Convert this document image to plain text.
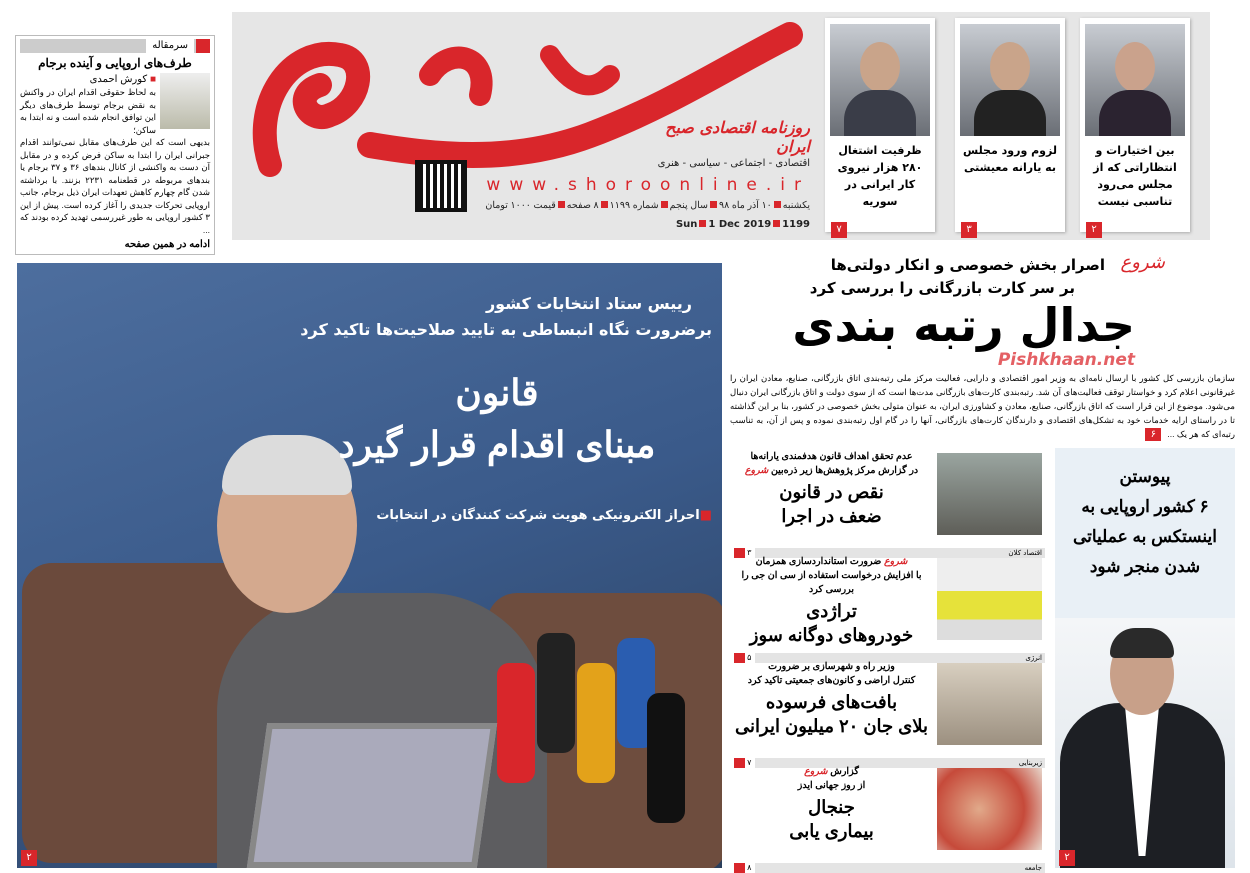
روزنامه اقتصادی صبح ایران
اقتصادی - اجتماعی - سیاسی - هنری
www.shoroonline.ir
یکشنبه۱۰ آذر ماه ۹۸سال پنجمشماره ۱۱۹۹۸ صفحهقیمت ۱۰۰۰ تومان
Sun 1 Dec 2019 1199
بین اختیارات و انتظاراتی که از مجلس می‌رود تناسبی نیست
۲
لزوم ورود مجلس به یارانه معیشتی
۳
ظرفیت اشتغال ۲۸۰ هزار نیروی کار ایرانی در سوریه
۷
سرمقاله
طرف‌های اروپایی و آینده برجام
■ کورش احمدی

به لحاظ حقوقی اقدام ایران در واکنش به نقض برجام توسط طرف‌های دیگر این توافق انجام شده است و نه ابتدا به ساکن؛

بدیهی است که این طرف‌های مقابل نمی‌توانند اقدام جبرانی ایران را ابتدا به ساکن فرض کرده و در مقابل آن دست به واکنشی از کانال بندهای ۳۶ و ۳۷ برجام یا بندهای مربوطه در قطعنامه ۲۲۳۱ بزنند. با برداشته شدن گام چهارم کاهش تعهدات ایران ذیل برجام، جانب اروپایی تحرکات جدیدی را آغاز کرده است. پیش از این ۳ کشور اروپایی به طور غیررسمی تهدید کرده بودند که ...

ادامه در همین صفحه
رییس ستاد انتخابات کشور
برضرورت نگاه انبساطی به تایید صلاحیت‌ها تاکید کرد
قانون
مبنای اقدام قرار گیرد
■احراز الکترونیکی هویت شرکت کنندگان در انتخابات
۲
شروع
اصرار بخش خصوصی و انکار دولتی‌ها
بر سر کارت بازرگانی را بررسی کرد
جدال رتبه بندی
Pishkhaan.net
سازمان بازرسی کل کشور با ارسال نامه‌ای به وزیر امور اقتصادی و دارایی، فعالیت مرکز ملی رتبه‌بندی اتاق بازرگانی، صنایع، معادن ایران را غیرقانونی اعلام کرد و خواستار توقف فعالیت‌های آن شد. رتبه‌بندی کارت‌های بازرگانی مدت‌ها است که از سوی دولت و اتاق بازرگانی ایران دنبال می‌شود. موضوع از این قرار است که اتاق بازرگانی، صنایع، معادن و کشاورزی ایران، به عنوان متولی بخش خصوصی در کشور، بنا بر این گذاشته تا در راستای ارایه خدمات خود به تشکل‌های اقتصادی و دارندگان کارت‌های بازرگانی، آنها را در گام اول رتبه‌بندی نموده و پس از آن، به تناسب رتبه‌ای که هر یک ...۶
عدم تحقق اهداف قانون هدفمندی یارانه‌ها
در گزارش مرکز پژوهش‌ها زیر ذره‌بین شروع
نقص در قانون
ضعف در اجرا
اقتصاد کلان
۳
شروع ضرورت استانداردسازی همزمان
با افزایش درخواست استفاده از سی ان جی را بررسی کرد
تراژدی
خودروهای دوگانه سوز
انرژی
۵
وزیر راه و شهرسازی بر ضرورت
کنترل اراضی و کانون‌های جمعیتی تاکید کرد
بافت‌های فرسوده
بلای جان ۲۰ میلیون ایرانی
زیربنایی
۷
گزارش شروع
از روز جهانی ایدز
جنجال
بیماری یابی
جامعه
۸
پیوستن
۶ کشور اروپایی به
اینستکس به عملیاتی
شدن منجر شود
۲
